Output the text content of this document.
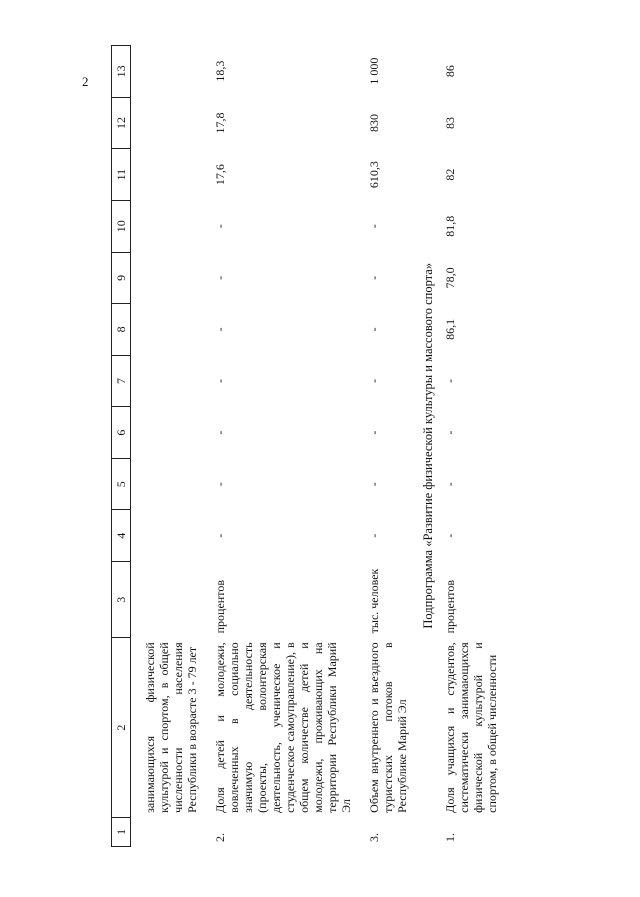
2
1	2	3	4	5	6	7	8	9	10	11	12	13
	занимающихся физической культурой и спортом, в общей численности населения Республики в возрасте 3 - 79 лет											
2.	Доля детей и молодежи, вовлеченных в социально значимую деятельность (проекты, волонтерская деятельность, ученическое и студенческое самоуправление), в общем количестве детей и молодежи, проживающих на территории Республики Марий Эл	процентов	-	-	-	-	-	-	-	17,6	17,8	18,3
3.	Объем внутреннего и въездного туристских потоков в Республике Марий Эл	тыс. человек	-	-	-	-	-	-	-	610,3	830	1 000
Подпрограмма «Развитие физической культуры и массового спорта»												
1.	Доля учащихся и студентов, систематически занимающихся физической культурой и спортом, в общей численности	процентов	-	-	-	-	86,1	78,0	81,8	82	83	86
